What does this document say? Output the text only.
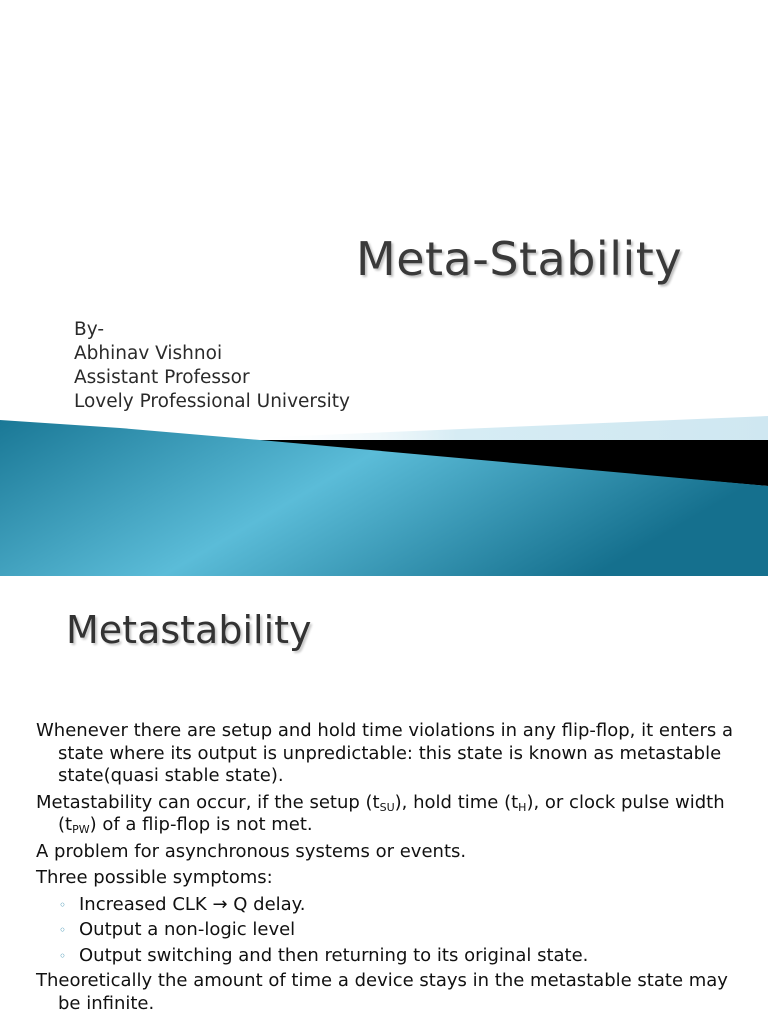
Meta-Stability
By-
Abhinav Vishnoi
Assistant Professor
Lovely Professional University
Metastability
Whenever there are setup and hold time violations in any flip-flop, it enters a state where its output is unpredictable: this state is known as metastable state(quasi stable state).
Metastability can occur, if the setup $(t_{SU})$, hold time $(t_H)$, or clock pulse width $(t_{PW})$ of a flip-flop is not met.
A problem for asynchronous systems or events.
Three possible symptoms:
◦ Increased CLK → Q delay.
◦ Output a non-logic level
◦ Output switching and then returning to its original state.
Theoretically the amount of time a device stays in the metastable state may be infinite.
